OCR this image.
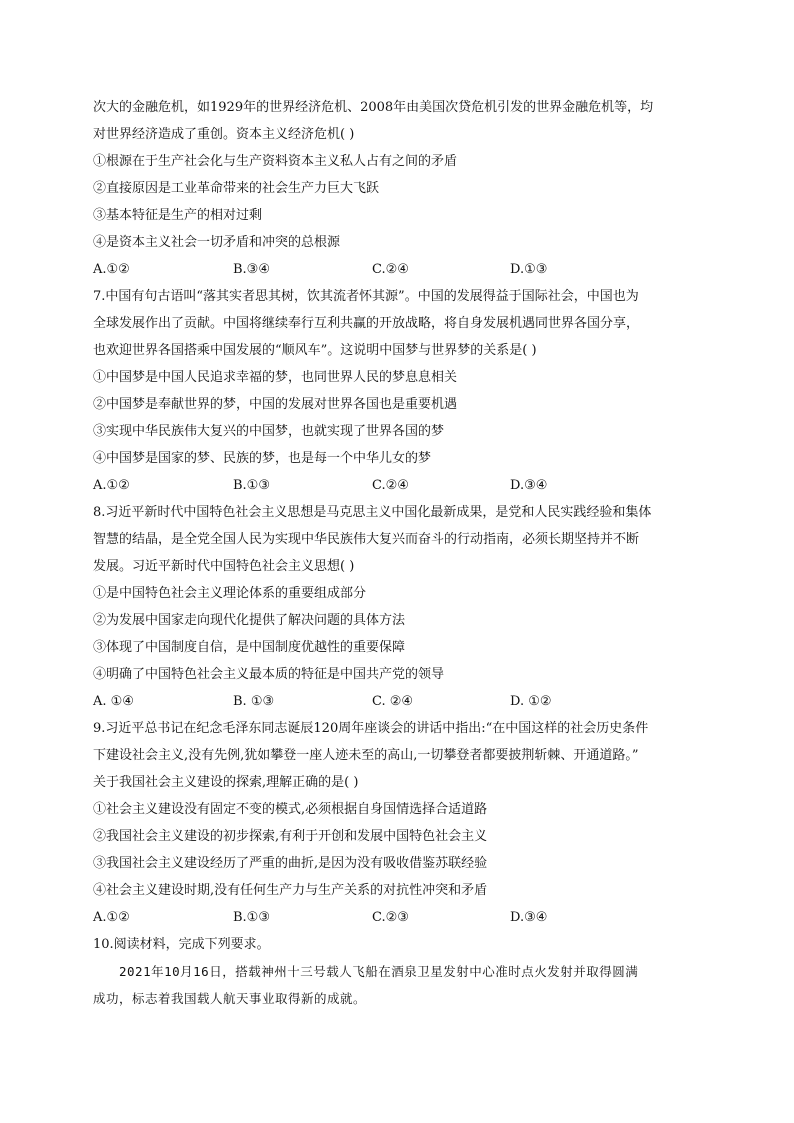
次大的金融危机，如1929年的世界经济危机、2008年由美国次贷危机引发的世界金融危机等，均
对世界经济造成了重创。资本主义经济危机( )
①根源在于生产社会化与生产资料资本主义私人占有之间的矛盾
②直接原因是工业革命带来的社会生产力巨大飞跃
③基本特征是生产的相对过剩
④是资本主义社会一切矛盾和冲突的总根源
A.①②	B.③④	C.②④	D.①③
7.中国有句古语叫“落其实者思其树，饮其流者怀其源”。中国的发展得益于国际社会，中国也为
全球发展作出了贡献。中国将继续奉行互利共赢的开放战略，将自身发展机遇同世界各国分享，
也欢迎世界各国搭乘中国发展的“顺风车”。这说明中国梦与世界梦的关系是( )
①中国梦是中国人民追求幸福的梦，也同世界人民的梦息息相关
②中国梦是奉献世界的梦，中国的发展对世界各国也是重要机遇
③实现中华民族伟大复兴的中国梦，也就实现了世界各国的梦
④中国梦是国家的梦、民族的梦，也是每一个中华儿女的梦
A.①②	B.①③	C.②④	D.③④
8.习近平新时代中国特色社会主义思想是马克思主义中国化最新成果，是党和人民实践经验和集体
智慧的结晶，是全党全国人民为实现中华民族伟大复兴而奋斗的行动指南，必须长期坚持并不断
发展。习近平新时代中国特色社会主义思想( )
①是中国特色社会主义理论体系的重要组成部分
②为发展中国家走向现代化提供了解决问题的具体方法
③体现了中国制度自信，是中国制度优越性的重要保障
④明确了中国特色社会主义最本质的特征是中国共产党的领导
A. ①④	B. ①③	C. ②④	D. ①②
9.习近平总书记在纪念毛泽东同志诞辰120周年座谈会的讲话中指出:“在中国这样的社会历史条件
下建设社会主义,没有先例,犹如攀登一座人迹未至的高山,一切攀登者都要披荆斩棘、开通道路。”
关于我国社会主义建设的探索,理解正确的是( )
①社会主义建设没有固定不变的模式,必须根据自身国情选择合适道路
②我国社会主义建设的初步探索,有利于开创和发展中国特色社会主义
③我国社会主义建设经历了严重的曲折,是因为没有吸收借鉴苏联经验
④社会主义建设时期,没有任何生产力与生产关系的对抗性冲突和矛盾
A.①②	B.①③	C.②③	D.③④
10.阅读材料，完成下列要求。
2021年10月16日，搭载神州十三号载人飞船在酒泉卫星发射中心准时点火发射并取得圆满
成功，标志着我国载人航天事业取得新的成就。
